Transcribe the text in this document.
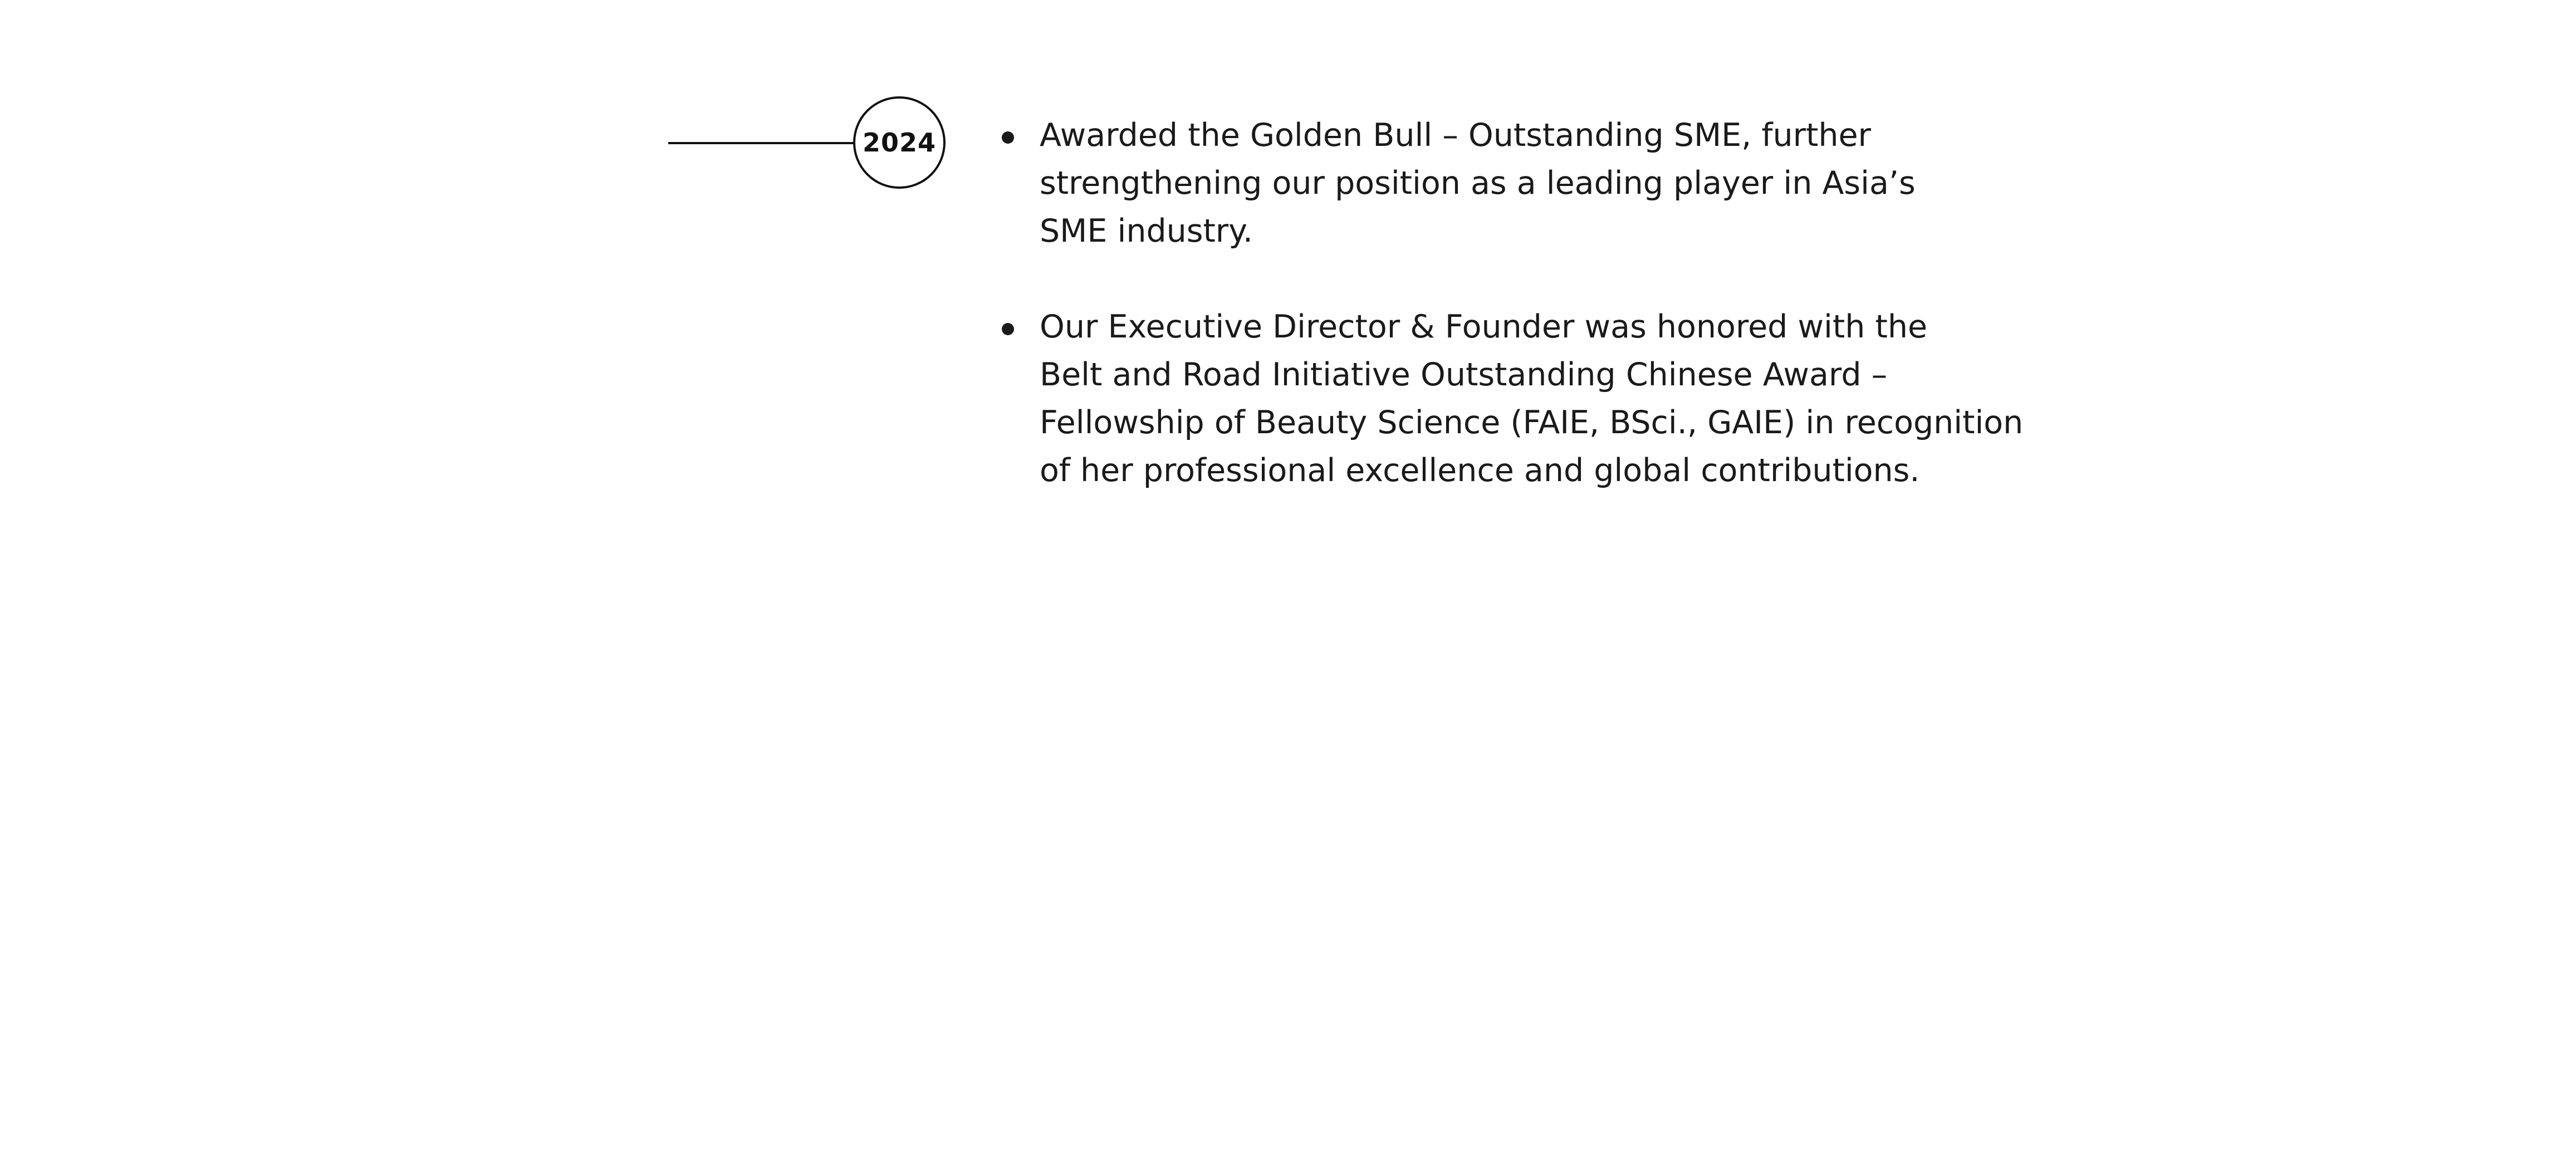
2024	Awarded the Golden Bull – Outstanding SME, further
strengthening our position as a leading player in Asia’s
SME industry.
Our Executive Director & Founder was honored with the
Belt and Road Initiative Outstanding Chinese Award –
Fellowship of Beauty Science (FAIE, BSci., GAIE) in recognition
of her professional excellence and global contributions.
